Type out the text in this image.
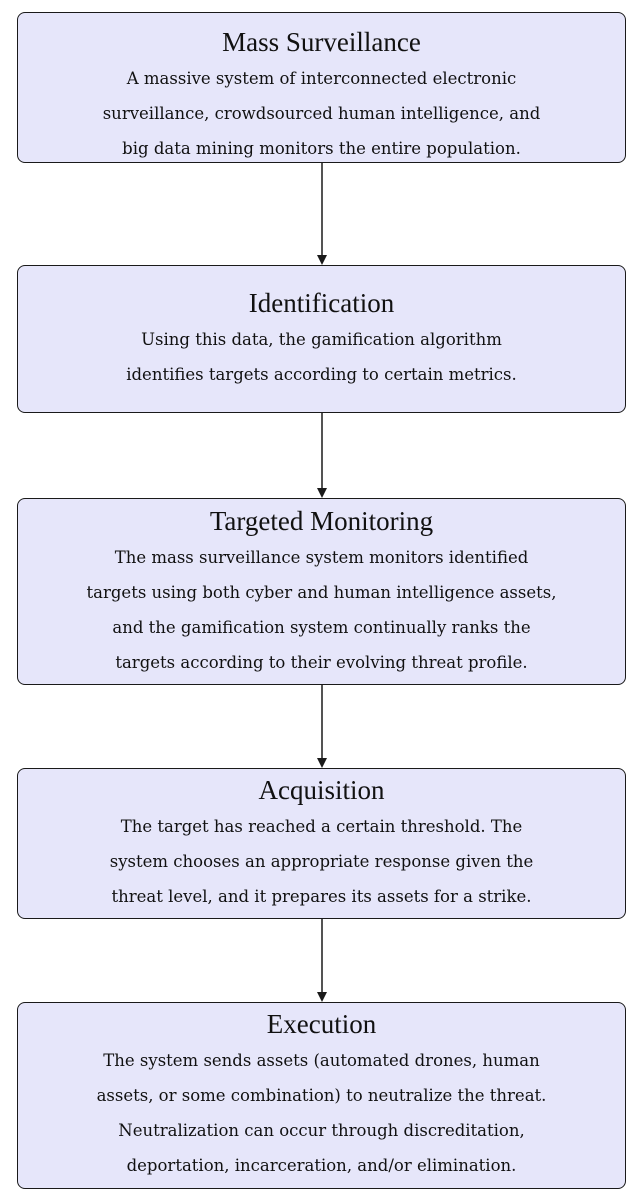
Mass Surveillance
A massive system of interconnected electronic
surveillance, crowdsourced human intelligence, and
big data mining monitors the entire population.
Identification
Using this data, the gamification algorithm
identifies targets according to certain metrics.
Targeted Monitoring
The mass surveillance system monitors identified
targets using both cyber and human intelligence assets,
and the gamification system continually ranks the
targets according to their evolving threat profile.
Acquisition
The target has reached a certain threshold. The
system chooses an appropriate response given the
threat level, and it prepares its assets for a strike.
Execution
The system sends assets (automated drones, human
assets, or some combination) to neutralize the threat.
Neutralization can occur through discreditation,
deportation, incarceration, and/or elimination.
